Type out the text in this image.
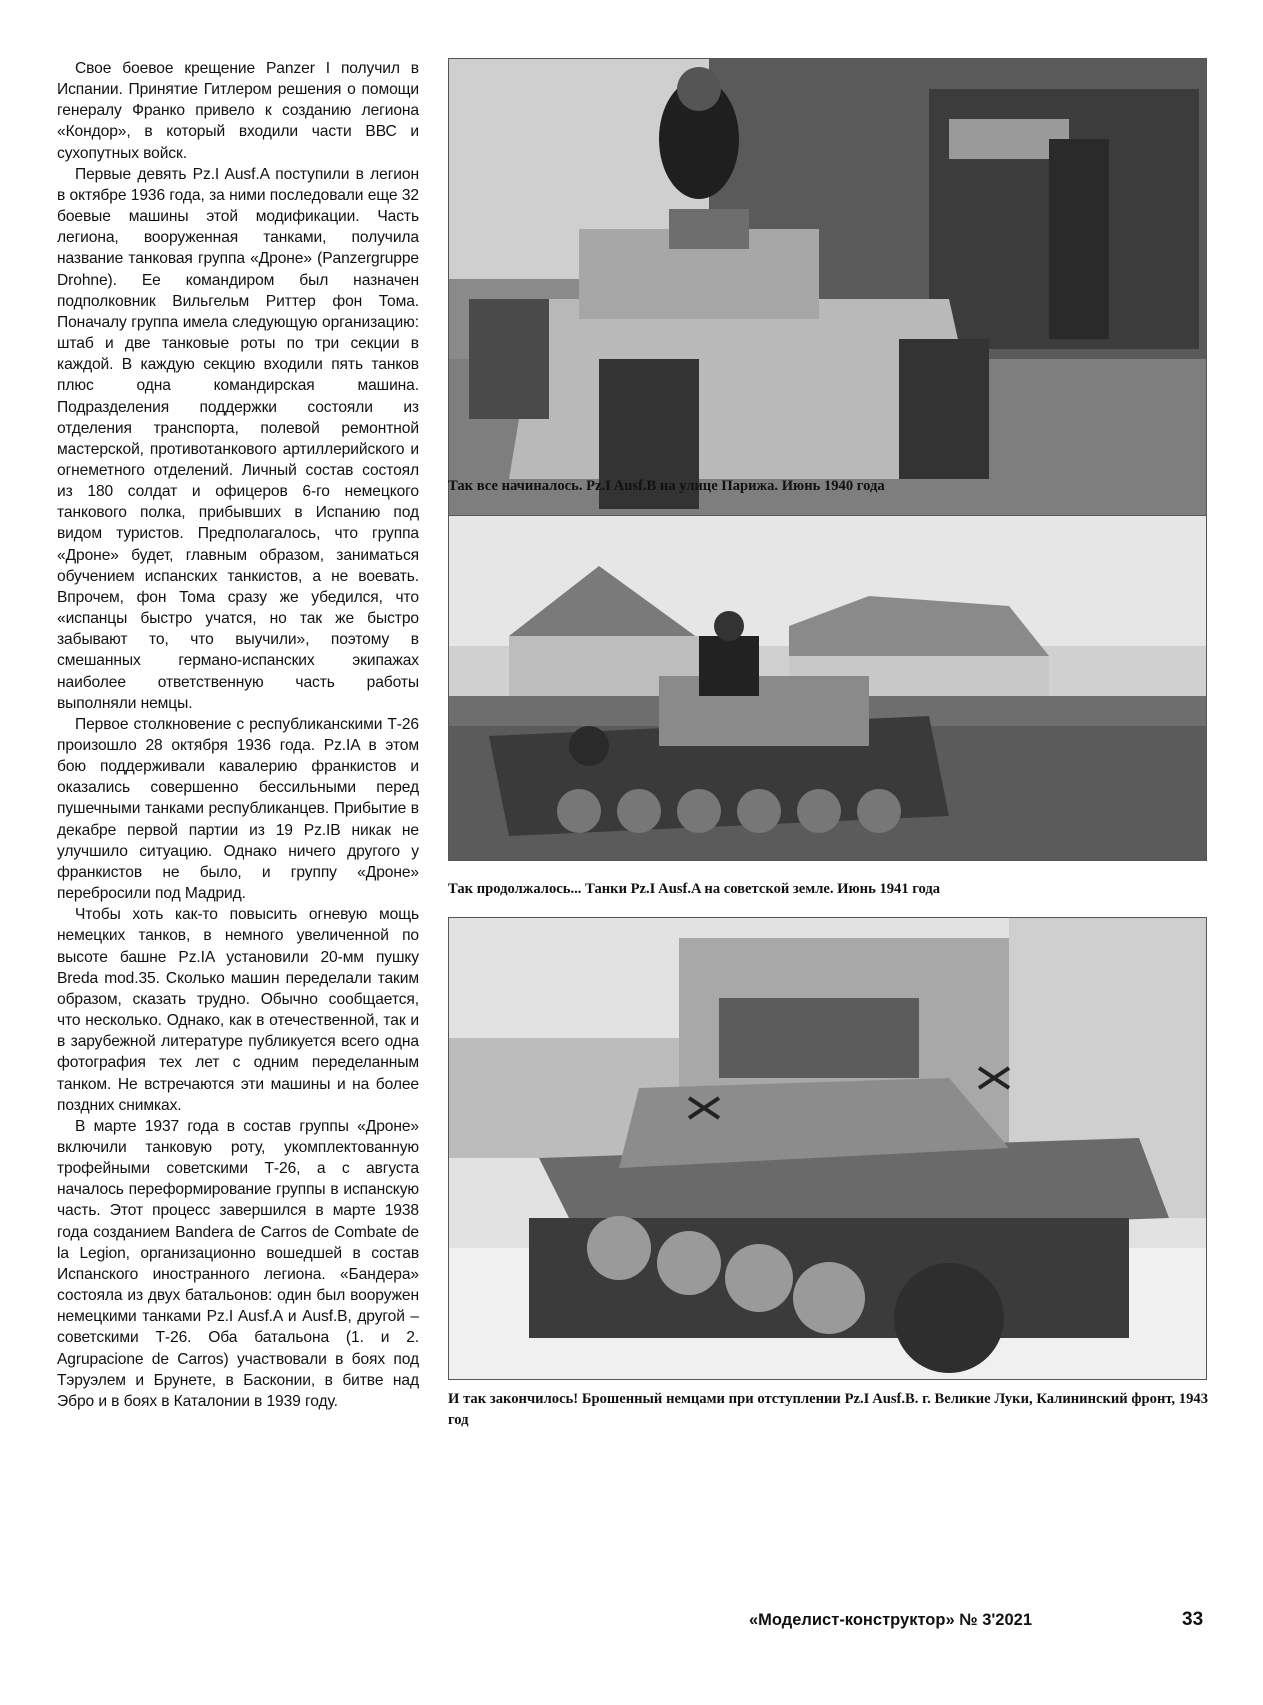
Свое боевое крещение Panzer I получил в Испании. Принятие Гитлером решения о помощи генералу Франко привело к созданию легиона «Кондор», в который входили части ВВС и сухопутных войск.

Первые девять Pz.I Ausf.A поступили в легион в октябре 1936 года, за ними последовали еще 32 боевые машины этой модификации. Часть легиона, вооруженная танками, получила название танковая группа «Дроне» (Panzergruppe Drohne). Ее командиром был назначен подполковник Вильгельм Риттер фон Тома. Поначалу группа имела следующую организацию: штаб и две танковые роты по три секции в каждой. В каждую секцию входили пять танков плюс одна командирская машина. Подразделения поддержки состояли из отделения транспорта, полевой ремонтной мастерской, противотанкового артиллерийского и огнеметного отделений. Личный состав состоял из 180 солдат и офицеров 6-го немецкого танкового полка, прибывших в Испанию под видом туристов. Предполагалось, что группа «Дроне» будет, главным образом, заниматься обучением испанских танкистов, а не воевать. Впрочем, фон Тома сразу же убедился, что «испанцы быстро учатся, но так же быстро забывают то, что выучили», поэтому в смешанных германо-испанских экипажах наиболее ответственную часть работы выполняли немцы.

Первое столкновение с республиканскими Т-26 произошло 28 октября 1936 года. Pz.IA в этом бою поддерживали кавалерию франкистов и оказались совершенно бессильными перед пушечными танками республиканцев. Прибытие в декабре первой партии из 19 Pz.IB никак не улучшило ситуацию. Однако ничего другого у франкистов не было, и группу «Дроне» перебросили под Мадрид.

Чтобы хоть как-то повысить огневую мощь немецких танков, в немного увеличенной по высоте башне Pz.IA установили 20-мм пушку Breda mod.35. Сколько машин переделали таким образом, сказать трудно. Обычно сообщается, что несколько. Однако, как в отечественной, так и в зарубежной литературе публикуется всего одна фотография тех лет с одним переделанным танком. Не встречаются эти машины и на более поздних снимках.

В марте 1937 года в состав группы «Дроне» включили танковую роту, укомплектованную трофейными советскими Т-26, а с августа началось переформирование группы в испанскую часть. Этот процесс завершился в марте 1938 года созданием Bandera de Carros de Combate de la Legion, организационно вошедшей в состав Испанского иностранного легиона. «Бандера» состояла из двух батальонов: один был вооружен немецкими танками Pz.I Ausf.A и Ausf.B, другой – советскими Т-26. Оба батальона (1. и 2. Agrupacione de Carros) участвовали в боях под Тэруэлем и Брунете, в Басконии, в битве над Эбро и в боях в Каталонии в 1939 году.

Так все начиналось. Pz.I Ausf.B на улице Парижа. Июнь 1940 года
Так продолжалось... Танки Pz.I Ausf.A на советской земле. Июнь 1941 года
И так закончилось! Брошенный немцами при отступлении Pz.I Ausf.B. г. Великие Луки, Калининский фронт, 1943 год
«Моделист-конструктор» № 3'2021	33
